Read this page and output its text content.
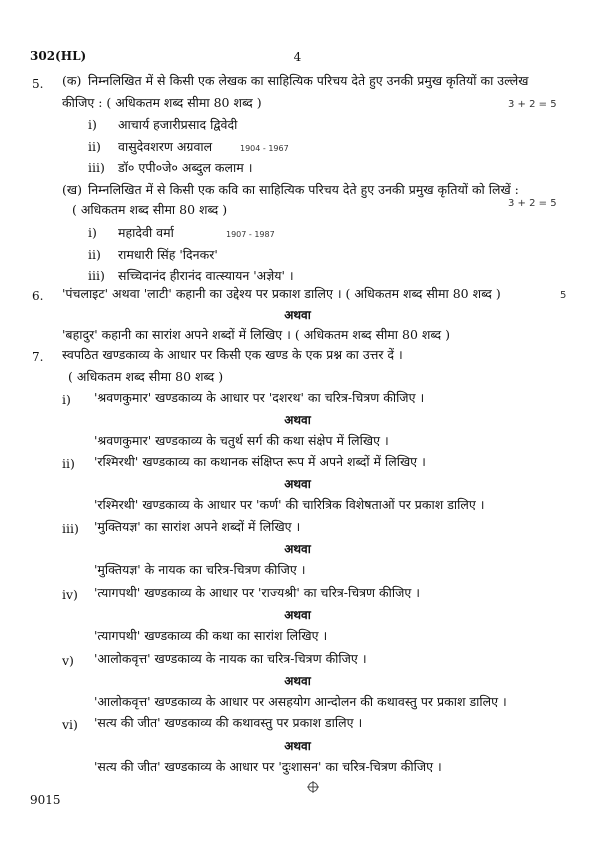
302(HL)	4
5. (क) निम्नलिखित में से किसी एक लेखक का साहित्यिक परिचय देते हुए उनकी प्रमुख कृतियों का उल्लेख
कीजिए : ( अधिकतम शब्द सीमा 80 शब्द )	3 + 2 = 5
i) आचार्य हजारीप्रसाद द्विवेदी
ii) वासुदेवशरण अग्रवाल	1904 - 1967
iii) डॉ० एपी०जे० अब्दुल कलाम ।
(ख) निम्नलिखित में से किसी एक कवि का साहित्यिक परिचय देते हुए उनकी प्रमुख कृतियों को लिखें :
( अधिकतम शब्द सीमा 80 शब्द )	3 + 2 = 5
i) महादेवी वर्मा	1907 - 1987
ii) रामधारी सिंह 'दिनकर'
iii) सच्चिदानंद हीरानंद वात्स्यायन 'अज्ञेय' ।
6. 'पंचलाइट' अथवा 'लाटी' कहानी का उद्देश्य पर प्रकाश डालिए । ( अधिकतम शब्द सीमा 80 शब्द )	5
अथवा
'बहादुर' कहानी का सारांश अपने शब्दों में लिखिए । ( अधिकतम शब्द सीमा 80 शब्द )
7. स्वपठित खण्डकाव्य के आधार पर किसी एक खण्ड के एक प्रश्न का उत्तर दें ।
( अधिकतम शब्द सीमा 80 शब्द )
i) 'श्रवणकुमार' खण्डकाव्य के आधार पर 'दशरथ' का चरित्र-चित्रण कीजिए ।
अथवा
'श्रवणकुमार' खण्डकाव्य के चतुर्थ सर्ग की कथा संक्षेप में लिखिए ।
ii) 'रश्मिरथी' खण्डकाव्य का कथानक संक्षिप्त रूप में अपने शब्दों में लिखिए ।
अथवा
'रश्मिरथी' खण्डकाव्य के आधार पर 'कर्ण' की चारित्रिक विशेषताओं पर प्रकाश डालिए ।
iii) 'मुक्तियज्ञ' का सारांश अपने शब्दों में लिखिए ।
अथवा
'मुक्तियज्ञ' के नायक का चरित्र-चित्रण कीजिए ।
iv) 'त्यागपथी' खण्डकाव्य के आधार पर 'राज्यश्री' का चरित्र-चित्रण कीजिए ।
अथवा
'त्यागपथी' खण्डकाव्य की कथा का सारांश लिखिए ।
v) 'आलोकवृत्त' खण्डकाव्य के नायक का चरित्र-चित्रण कीजिए ।
अथवा
'आलोकवृत्त' खण्डकाव्य के आधार पर असहयोग आन्दोलन की कथावस्तु पर प्रकाश डालिए ।
vi) 'सत्य की जीत' खण्डकाव्य की कथावस्तु पर प्रकाश डालिए ।
अथवा
'सत्य की जीत' खण्डकाव्य के आधार पर 'दुःशासन' का चरित्र-चित्रण कीजिए ।
9015
